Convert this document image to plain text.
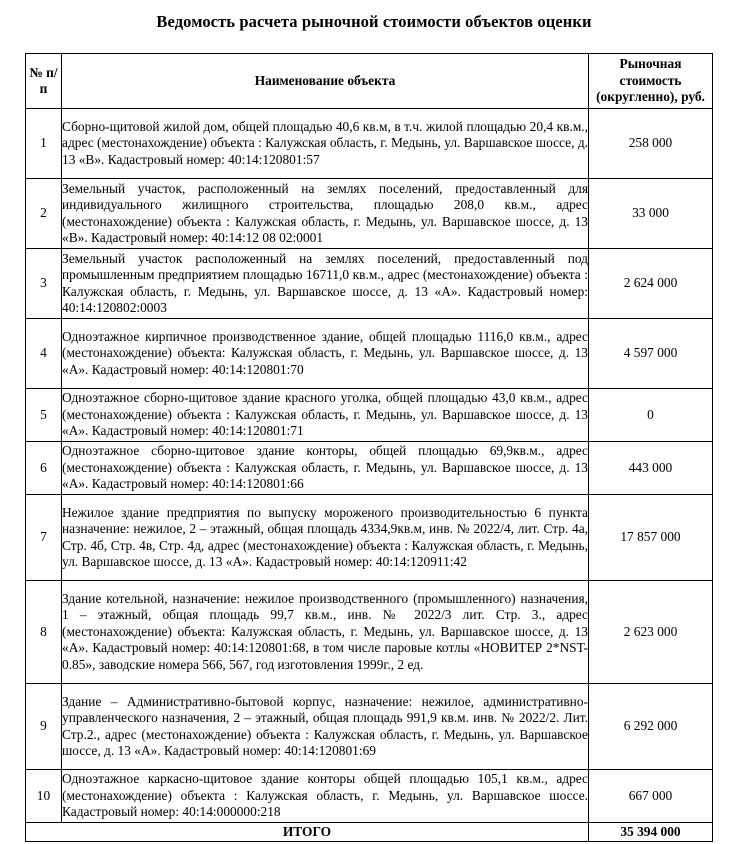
Ведомость расчета рыночной стоимости объектов оценки
№ п/п	Наименование объекта	Рыночная стоимость (округленно), руб.
1	Сборно-щитовой жилой дом, общей площадью 40,6 кв.м, в т.ч. жилой площадью 20,4 кв.м., адрес (местонахождение) объекта : Калужская область, г. Медынь, ул. Варшавское шоссе, д. 13 «В». Кадастровый номер: 40:14:120801:57	258 000
2	Земельный участок, расположенный на землях поселений, предоставленный для индивидуального жилищного строительства, площадью 208,0 кв.м., адрес (местонахождение) объекта : Калужская область, г. Медынь, ул. Варшавское шоссе, д. 13 «В». Кадастровый номер: 40:14:12 08 02:0001	33 000
3	Земельный участок расположенный на землях поселений, предоставленный под промышленным предприятием площадью 16711,0 кв.м., адрес (местонахождение) объекта : Калужская область, г. Медынь, ул. Варшавское шоссе, д. 13 «А». Кадастровый номер: 40:14:120802:0003	2 624 000
4	Одноэтажное кирпичное производственное здание, общей площадью 1116,0 кв.м., адрес (местонахождение) объекта: Калужская область, г. Медынь, ул. Варшавское шоссе, д. 13 «А». Кадастровый номер: 40:14:120801:70	4 597 000
5	Одноэтажное сборно-щитовое здание красного уголка, общей площадью 43,0 кв.м., адрес (местонахождение) объекта : Калужская область, г. Медынь, ул. Варшавское шоссе, д. 13 «А». Кадастровый номер: 40:14:120801:71	0
6	Одноэтажное сборно-щитовое здание конторы, общей площадью 69,9кв.м., адрес (местонахождение) объекта : Калужская область, г. Медынь, ул. Варшавское шоссе, д. 13 «А». Кадастровый номер: 40:14:120801:66	443 000
7	Нежилое здание предприятия по выпуску мороженого производительностью 6 пункта назначение: нежилое, 2 – этажный, общая площадь 4334,9кв.м, инв. № 2022/4, лит. Стр. 4а, Стр. 4б, Стр. 4в, Стр. 4д, адрес (местонахождение) объекта : Калужская область, г. Медынь, ул. Варшавское шоссе, д. 13 «А». Кадастровый номер: 40:14:120911:42	17 857 000
8	Здание котельной, назначение: нежилое производственного (промышленного) назначения, 1 – этажный, общая площадь 99,7 кв.м., инв. № 2022/3 лит. Стр. 3., адрес (местонахождение) объекта: Калужская область, г. Медынь, ул. Варшавское шоссе, д. 13 «А». Кадастровый номер: 40:14:120801:68, в том числе паровые котлы «НОВИТЕР 2*NST-0.85», заводские номера 566, 567, год изготовления 1999г., 2 ед.	2 623 000
9	Здание – Административно-бытовой корпус, назначение: нежилое, административно-управленческого назначения, 2 – этажный, общая площадь 991,9 кв.м. инв. № 2022/2. Лит. Стр.2., адрес (местонахождение) объекта : Калужская область, г. Медынь, ул. Варшавское шоссе, д. 13 «А». Кадастровый номер: 40:14:120801:69	6 292 000
10	Одноэтажное каркасно-щитовое здание конторы общей площадью 105,1 кв.м., адрес (местонахождение) объекта : Калужская область, г. Медынь, ул. Варшавское шоссе. Кадастровый номер: 40:14:000000:218	667 000
ИТОГО		35 394 000
